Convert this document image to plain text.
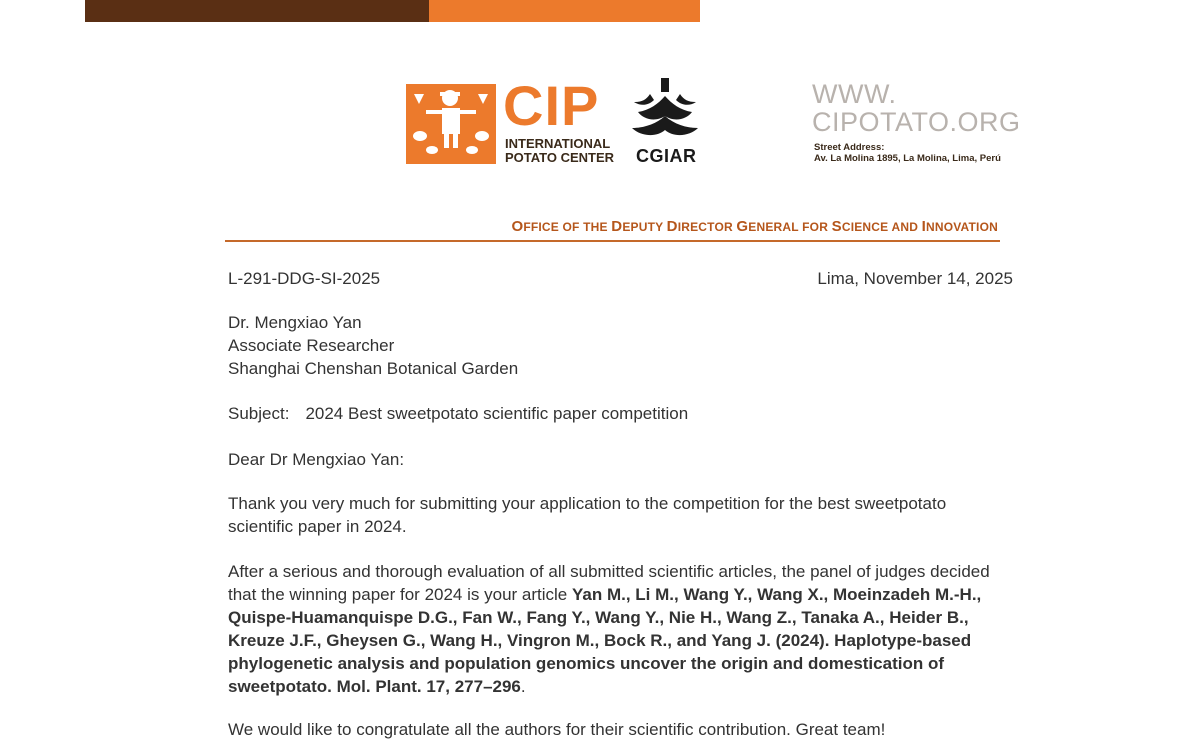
CIP
INTERNATIONAL
POTATO CENTER CGIAR
WWW.
CIPOTATO.ORG
Street Address:
Av. La Molina 1895, La Molina, Lima, Perú
OFFICE OF THE DEPUTY DIRECTOR GENERAL FOR SCIENCE AND INNOVATION
L-291-DDG-SI-2025	Lima, November 14, 2025
Dr. Mengxiao Yan
Associate Researcher
Shanghai Chenshan Botanical Garden
Subject: 2024 Best sweetpotato scientific paper competition
Dear Dr Mengxiao Yan:
Thank you very much for submitting your application to the competition for the best sweetpotato scientific paper in 2024.
After a serious and thorough evaluation of all submitted scientific articles, the panel of judges decided that the winning paper for 2024 is your article Yan M., Li M., Wang Y., Wang X., Moeinzadeh M.-H., Quispe-Huamanquispe D.G., Fan W., Fang Y., Wang Y., Nie H., Wang Z., Tanaka A., Heider B., Kreuze J.F., Gheysen G., Wang H., Vingron M., Bock R., and Yang J. (2024). Haplotype-based phylogenetic analysis and population genomics uncover the origin and domestication of sweetpotato. Mol. Plant. 17, 277–296.
We would like to congratulate all the authors for their scientific contribution. Great team!
